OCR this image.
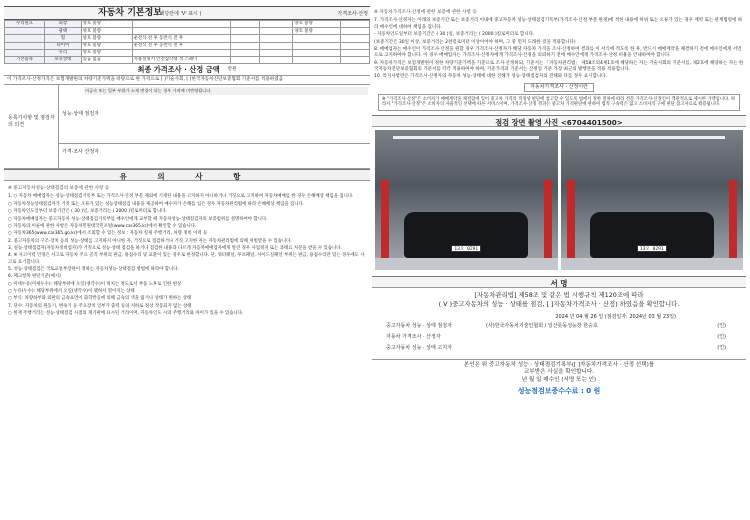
자동차 기본정보
( 해당란에 'V' 표시 )	가격조사·산정
수리필요	외장	양호 불량				양호 불량	
	광택	양호 불량				양호 불량	
	휠	양호 불량	운전석 전 후 동반석 전 후				
	타이어	양호 불량	운전석 전 후 동반석 전 후				
	유리	양호 불량					
기본품목	보유상태	있음 없음	사용설명서 안전삼각대 잭 스패너				
최종 가격조사 · 산정 금액 만원
이 가격조사·산정가격은 보험개발원의 차량기준가액을 바탕으로 한 가격으로 [ ]기술사회, [ ]한국자동차진단보증협회 기준서를 적용하였음
등록기사항 및 점검자의 의견
비금속 또는 일부 부위가 소재 변경이 되는 경우 가격에 미반영됩니다.
성능·상태 점검자
가격·조사 산정자
유 의 사 항
※ 중고자동차성능·상태점검의 보증에 관한 사항 등
1. ○ 자동차 매매업자는 성능·상태점검기록부 또는 가격조사·산정 부문 제외에 기재된 내용을 고지하지 아니하거나 거짓으로 고지하여 자동차매매를 한 경우 손해배상 책임을 집니다.
○ 자동차성능상태점검자가 거짓 또는 오류가 있는 성능상태점검 내용을 제공하여 매수자가 손해를 입은 경우 자동차관리법에 따라 손해배상 책임을 집니다.
○ 자동차인도일부터 보증기간은 ( 30 )일, 보증거리는 ( 2000 )킬로미터로 합니다.
○ 자동차매매업자는 중고자동차 성능·상태점검기록부를 매수인에게 교부할 때 자동차성능·상태점검자의 보증범위를 설명하여야 합니다.
○ 자동차의 이륜에 관한 사항은 자동차민원대국민포털(www.car365.kr)에서 확인할 수 있습니다.
○ 자동차365(www.car365.go.kr)에서 조회할 수 있는 정보 : 자동차 실제 주행거리, 차량 정비 이력 등
2. 중고자동차의 구조·장치 등의 성능·상태를 고지하지 아니한 자, 거짓으로 점검하거나 거짓 고지한 자는 자동차관리법에 의해 처벌받을 수 있습니다.
3. 성능·상태점검자(자동차정비업자)가 거짓으로 성능·상태 점검을 하거나 점검한 내용과 다르게 자동차매매업자에게 알린 경우 사업정지 또는 과태료 처분을 받을 수 있습니다.
4. ※ 사고이력 인정은 사고로 자동차 주요 골격 부위의 판금, 용접수리 및 교환이 있는 경우로 한정합니다. 단, 쿼터패널, 루프패널, 사이드실패널 부위는 판금, 용접수리만 있는 경우에도 사고로 표기합니다.
5. 성능·상태점검은 국토교통부장관이 정하는 자동차성능·상태점검 방법에 따라야 합니다.
6. 체크항목 판단기준(예시)
○ 미세누유(미세누수): 해당부위에 오일(냉각수)이 비치는 정도로서 부품 노후로 인한 현상
○ 누유(누수): 해당부위에서 오일(냉각수)이 맺혀서 떨어지는 상태
○ 부식: 차량하부와 외판의 금속표면이 화학반응에 의해 금속의 색을 잃거나 상태가 변하는 상태
7. 단수: 자동차의 원동기, 변속기 등 주요장치 일부가 출력 등의 저하로 정상 작동되지 않는 상태
○ 현재 주행거리는 성능·상태점검 시점의 계기판에 표시된 거리이며, 자동차인도 시의 주행거리와 차이가 있을 수 있습니다.
※ 자동차가격조사·산정에 관한 보증에 관한 사항 등
7. 가격조사·산정자는 아래의 보증기간 또는 보증거리 이내에 중고자동차 성능·상태점검기록부(가격조사·산정 부분 한정)에 적힌 내용에 허위 또는 오류가 있는 경우 계약 또는 관계법령에 따라 매수인에 대하여 책임을 집니다.
- 자동차인도일부터 보증기간은 ( 30 )일, 보증거리는 ( 2000 )킬로미터로 합니다.
(보증기간은 30일 이상, 보증거리는 2천킬로미터 이상이어야 하며, 그 중 먼저 도래한 것을 적용합니다)
8. 매매업자는 매수인이 가격조사·산정을 원할 경우 가격조사·산정자가 해당 자동차 가격을 조사·산정하여 결과를 이 서식에 적도록 한 후, 반드시 매매계약을 체결하기 전에 매수인에게 서면으로 고지하여야 합니다. 이 경우 매매업자는 가격조사·산정자에게 가격조사·산정을 의뢰하기 전에 매수인에게 가격조사·산정 비용을 안내하여야 합니다.
9. 자동차가격은 보험개발원이 정한 차량기준가액을 기준으로 조사·산정하되, 기준서는 「자동차관리법」 제58조의4제1호에 해당하는 자는 기술사회의 기준서를, 제2호에 해당하는 자는 한국자동차진단보증협회의 기준서를 각각 적용하여야 하며, 기준가격과 기준서는 산정일 기준 가장 최근의 발행본을 적용 적용합니다.
10. 특기사항란은 가격조사·산정자의 자동차 성능·상태에 대한 견해가 성능·상태점검자의 견해와 다를 경우 표시합니다.
자동차가격조사 · 산정이란
※ "가격조사·산정"은 소비자가 매매계약을 체결함에 있어 중고차 가격의 적정성 판단에 참고할 수 있도록 법에서 정한 절차에 따라 전문 가격조사·산정인이 객관적으로 제시한 가액입니다. 따라서 "가격조사·산정"은 소비자의 자율적인 선택에 따른 서비스이며, 가격조사·산정 결과는 중고차 가격판단에 관하여 법적 구속력은 없고 소비자의 구매 판단 참고자료로 활용됩니다.
점검 장면 촬영 사진 <6704401500>
13오 0291	13오 0291
서 명
[자동차관리법] 제58조 및 같은 법 시행규칙 제120조에 따라
( V )중고자동차의 성능 · 상태를 점검, [ ]자동차가격조사 · 산정) 하였음을 확인합니다.
2024 년 04 월 26 일 (점검일자: 2024년 03 월 23일)
중고자동차 성능 · 상태 점검자	(사)한국자동차기술인협회 / 일산롯동성능장 한승호	(인)
자동차 가격조사 · 산정자	(인)
중고자동차 성능 · 상태 고지자	(인)
본인은 위 중고자동차 성능 · 상태점검기록부([ ]자동차가격조사 · 산정 선택)를
교부받은 사실을 확인합니다.
년 월 일 매수인 (서명 또는 인)
성능점검보증수수료 : 0 원
